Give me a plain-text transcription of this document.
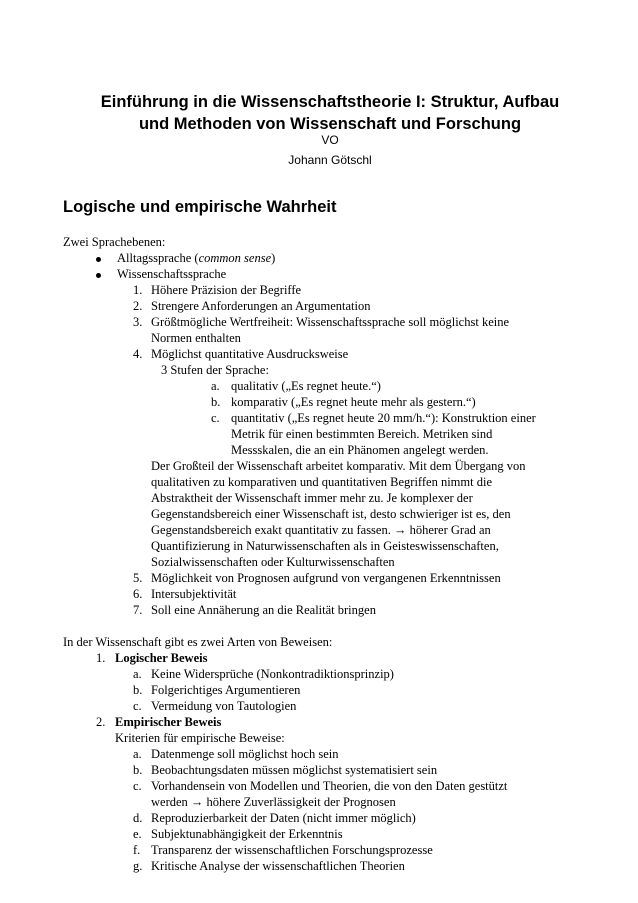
Einführung in die Wissenschaftstheorie I: Struktur, Aufbau
und Methoden von Wissenschaft und Forschung
VO
Johann Götschl
Logische und empirische Wahrheit
Zwei Sprachebenen:
Alltagssprache (common sense)
Wissenschaftssprache
1. Höhere Präzision der Begriffe
2. Strengere Anforderungen an Argumentation
3. Größtmögliche Wertfreiheit: Wissenschaftssprache soll möglichst keine
Normen enthalten
4. Möglichst quantitative Ausdrucksweise
3 Stufen der Sprache:
a. qualitativ („Es regnet heute.“)
b. komparativ („Es regnet heute mehr als gestern.“)
c. quantitativ („Es regnet heute 20 mm/h.“): Konstruktion einer
Metrik für einen bestimmten Bereich. Metriken sind
Messskalen, die an ein Phänomen angelegt werden.
Der Großteil der Wissenschaft arbeitet komparativ. Mit dem Übergang von
qualitativen zu komparativen und quantitativen Begriffen nimmt die
Abstraktheit der Wissenschaft immer mehr zu. Je komplexer der
Gegenstandsbereich einer Wissenschaft ist, desto schwieriger ist es, den
Gegenstandsbereich exakt quantitativ zu fassen. → höherer Grad an
Quantifizierung in Naturwissenschaften als in Geisteswissenschaften,
Sozialwissenschaften oder Kulturwissenschaften
5. Möglichkeit von Prognosen aufgrund von vergangenen Erkenntnissen
6. Intersubjektivität
7. Soll eine Annäherung an die Realität bringen
In der Wissenschaft gibt es zwei Arten von Beweisen:
1. Logischer Beweis
a. Keine Widersprüche (Nonkontradiktionsprinzip)
b. Folgerichtiges Argumentieren
c. Vermeidung von Tautologien
2. Empirischer Beweis
Kriterien für empirische Beweise:
a. Datenmenge soll möglichst hoch sein
b. Beobachtungsdaten müssen möglichst systematisiert sein
c. Vorhandensein von Modellen und Theorien, die von den Daten gestützt
werden → höhere Zuverlässigkeit der Prognosen
d. Reproduzierbarkeit der Daten (nicht immer möglich)
e. Subjektunabhängigkeit der Erkenntnis
f. Transparenz der wissenschaftlichen Forschungsprozesse
g. Kritische Analyse der wissenschaftlichen Theorien
